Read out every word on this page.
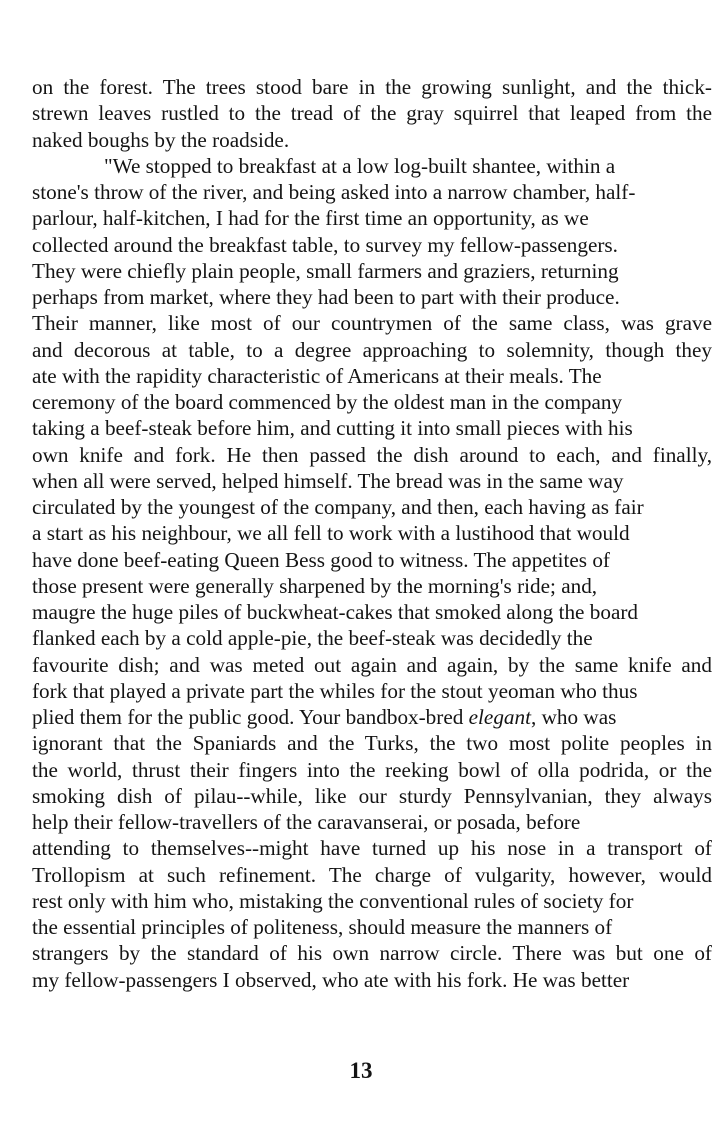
on the forest. The trees stood bare in the growing sunlight, and the thick-
strewn leaves rustled to the tread of the gray squirrel that leaped from the
naked boughs by the roadside.
"We stopped to breakfast at a low log-built shantee, within a
stone's throw of the river, and being asked into a narrow chamber, half-
parlour, half-kitchen, I had for the first time an opportunity, as we
collected around the breakfast table, to survey my fellow-passengers.
They were chiefly plain people, small farmers and graziers, returning
perhaps from market, where they had been to part with their produce.
Their manner, like most of our countrymen of the same class, was grave
and decorous at table, to a degree approaching to solemnity, though they
ate with the rapidity characteristic of Americans at their meals. The
ceremony of the board commenced by the oldest man in the company
taking a beef-steak before him, and cutting it into small pieces with his
own knife and fork. He then passed the dish around to each, and finally,
when all were served, helped himself. The bread was in the same way
circulated by the youngest of the company, and then, each having as fair
a start as his neighbour, we all fell to work with a lustihood that would
have done beef-eating Queen Bess good to witness. The appetites of
those present were generally sharpened by the morning's ride; and,
maugre the huge piles of buckwheat-cakes that smoked along the board
flanked each by a cold apple-pie, the beef-steak was decidedly the
favourite dish; and was meted out again and again, by the same knife and
fork that played a private part the whiles for the stout yeoman who thus
plied them for the public good. Your bandbox-bred elegant, who was
ignorant that the Spaniards and the Turks, the two most polite peoples in
the world, thrust their fingers into the reeking bowl of olla podrida, or the
smoking dish of pilau--while, like our sturdy Pennsylvanian, they always
help their fellow-travellers of the caravanserai, or posada, before
attending to themselves--might have turned up his nose in a transport of
Trollopism at such refinement. The charge of vulgarity, however, would
rest only with him who, mistaking the conventional rules of society for
the essential principles of politeness, should measure the manners of
strangers by the standard of his own narrow circle. There was but one of
my fellow-passengers I observed, who ate with his fork. He was better
13
